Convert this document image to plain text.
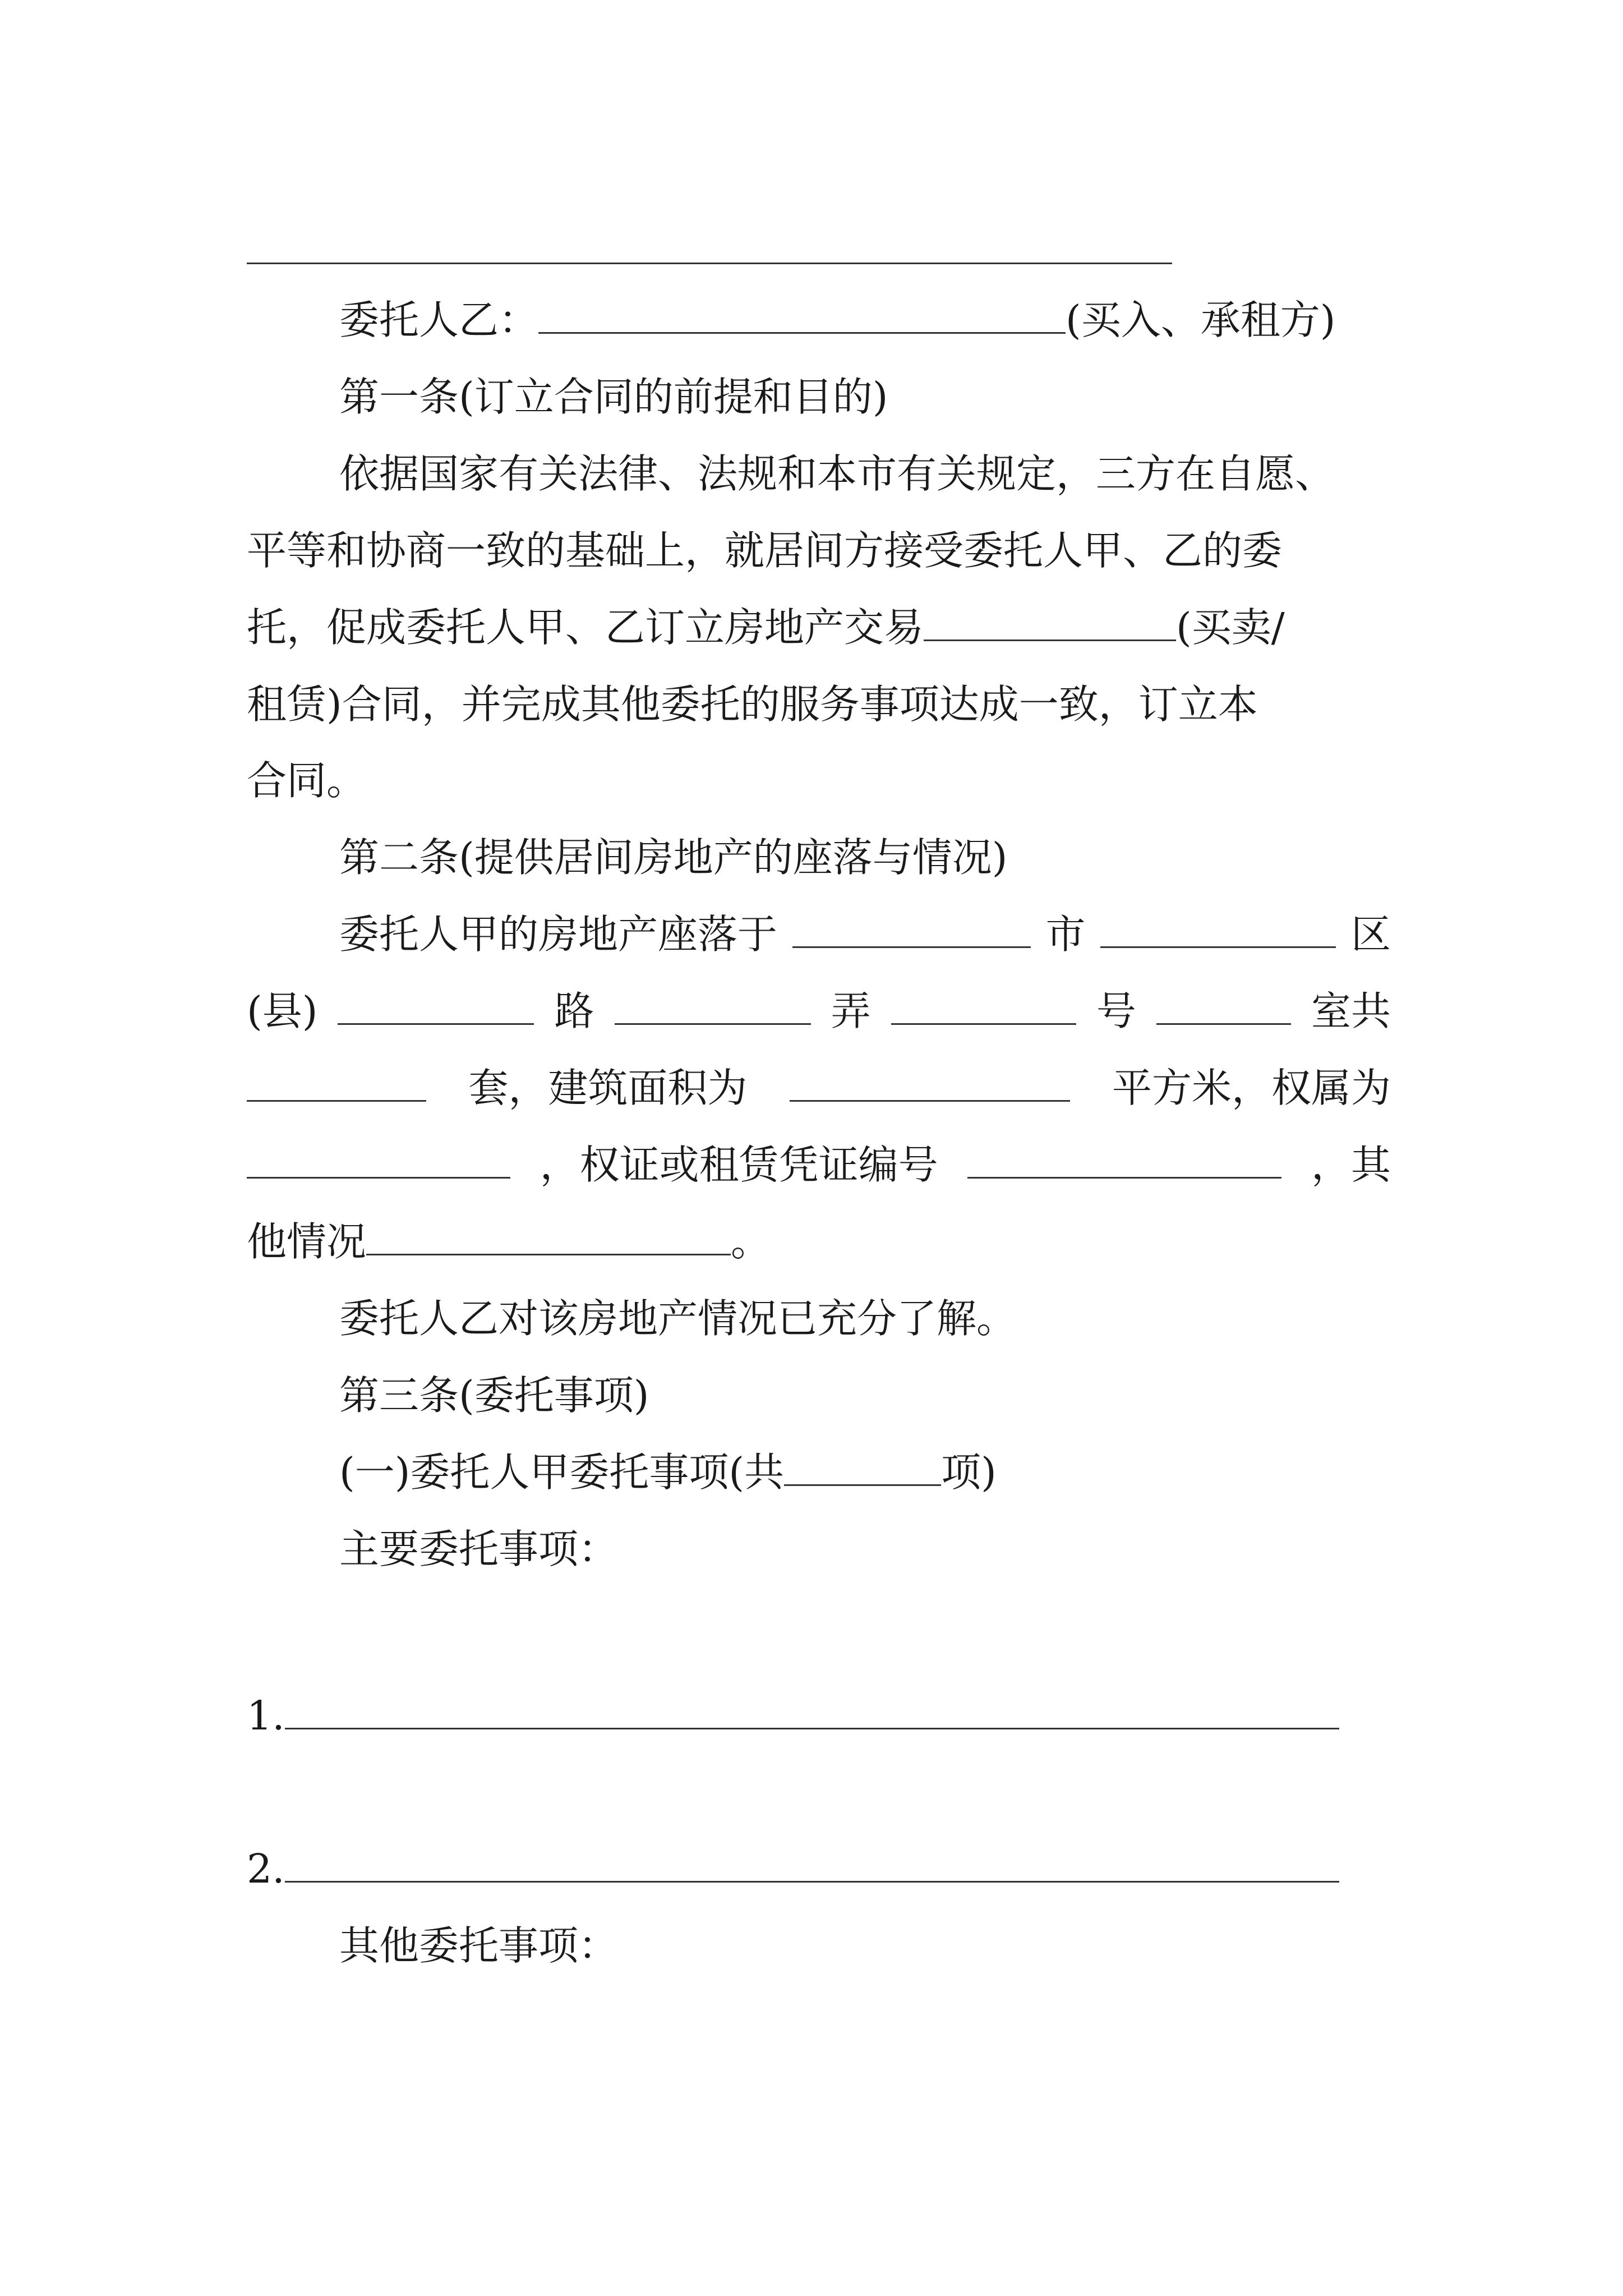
委托人乙：	(买入、承租方)
第一条(订立合同的前提和目的)
依据国家有关法律、法规和本市有关规定，三方在自愿、
平等和协商一致的基础上，就居间方接受委托人甲、乙的委
托，促成委托人甲、乙订立房地产交易	(买卖/
租赁)合同，并完成其他委托的服务事项达成一致，订立本
合同。
第二条(提供居间房地产的座落与情况)
委托人甲的房地产座落于	市	区
(县)	路	弄	号	室共
套，建筑面积为	平方米，权属为
，权证或租赁凭证编号	，其
他情况	。
委托人乙对该房地产情况已充分了解。
第三条(委托事项)
(一)委托人甲委托事项(共	项)
主要委托事项：
1.
2.
其他委托事项：
